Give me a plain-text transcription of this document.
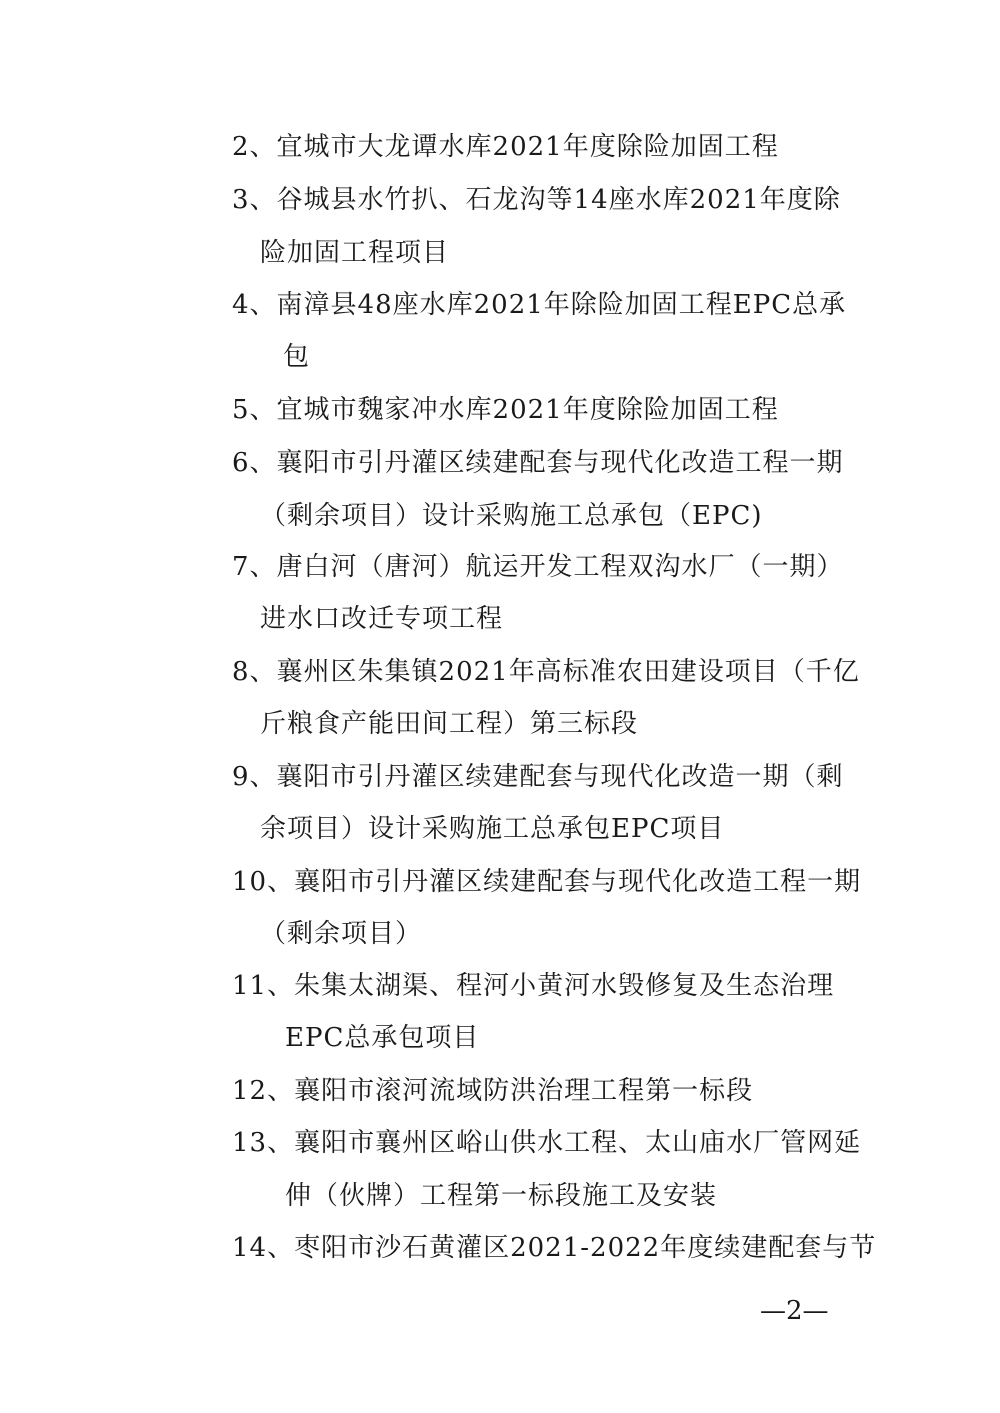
2、宜城市大龙谭水库2021年度除险加固工程
3、谷城县水竹扒、石龙沟等14座水库2021年度除
险加固工程项目
4、南漳县48座水库2021年除险加固工程EPC总承
包
5、宜城市魏家冲水库2021年度除险加固工程
6、襄阳市引丹灌区续建配套与现代化改造工程一期
（剩余项目）设计采购施工总承包（EPC)
7、唐白河（唐河）航运开发工程双沟水厂（一期）
进水口改迁专项工程
8、襄州区朱集镇2021年高标准农田建设项目（千亿
斤粮食产能田间工程）第三标段
9、襄阳市引丹灌区续建配套与现代化改造一期（剩
余项目）设计采购施工总承包EPC项目
10、襄阳市引丹灌区续建配套与现代化改造工程一期
（剩余项目）
11、朱集太湖渠、程河小黄河水毁修复及生态治理
EPC总承包项目
12、襄阳市滚河流域防洪治理工程第一标段
13、襄阳市襄州区峪山供水工程、太山庙水厂管网延
伸（伙牌）工程第一标段施工及安装
14、枣阳市沙石黄灌区2021-2022年度续建配套与节
—2—
